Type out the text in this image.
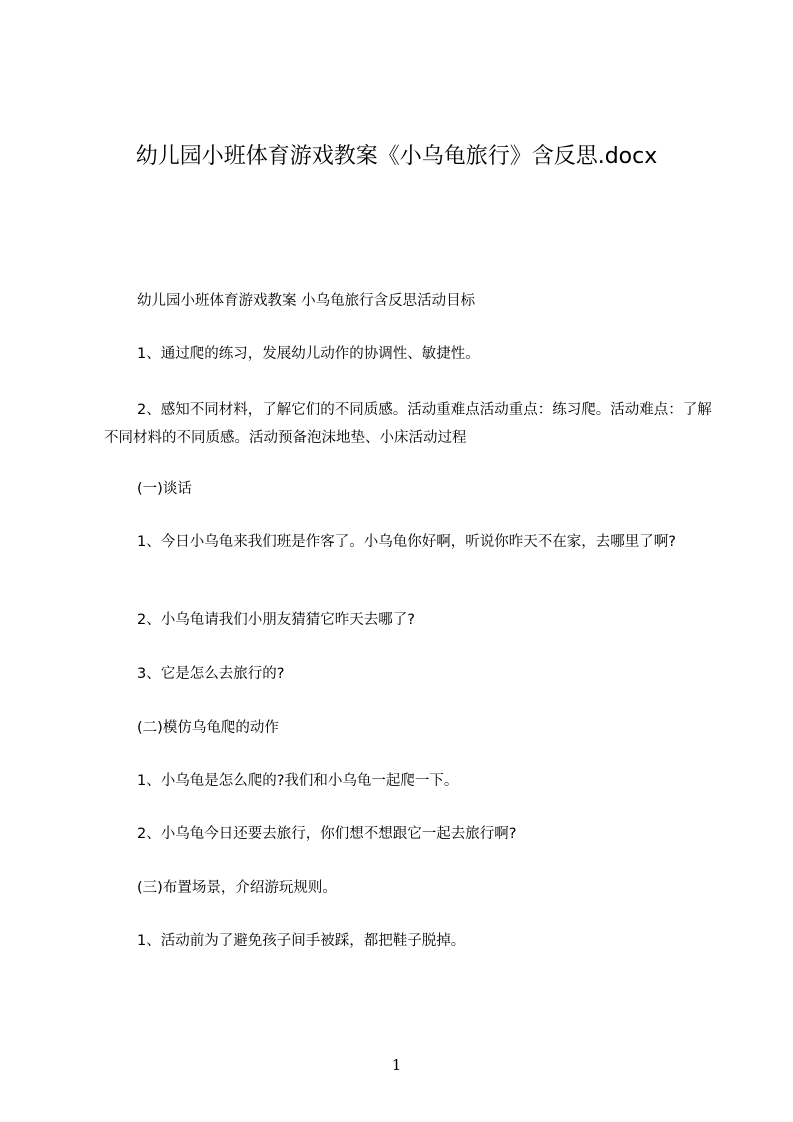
幼儿园小班体育游戏教案《小乌龟旅行》含反思.docx

幼儿园小班体育游戏教案 小乌龟旅行含反思活动目标

1、通过爬的练习，发展幼儿动作的协调性、敏捷性。

2、感知不同材料，了解它们的不同质感。活动重难点活动重点：练习爬。活动难点：了解不同材料的不同质感。活动预备泡沫地垫、小床活动过程

(一)谈话

1、今日小乌龟来我们班是作客了。小乌龟你好啊，听说你昨天不在家，去哪里了啊?

2、小乌龟请我们小朋友猜猜它昨天去哪了?

3、它是怎么去旅行的?

(二)模仿乌龟爬的动作

1、小乌龟是怎么爬的?我们和小乌龟一起爬一下。

2、小乌龟今日还要去旅行，你们想不想跟它一起去旅行啊?

(三)布置场景，介绍游玩规则。

1、活动前为了避免孩子间手被踩，都把鞋子脱掉。

1
